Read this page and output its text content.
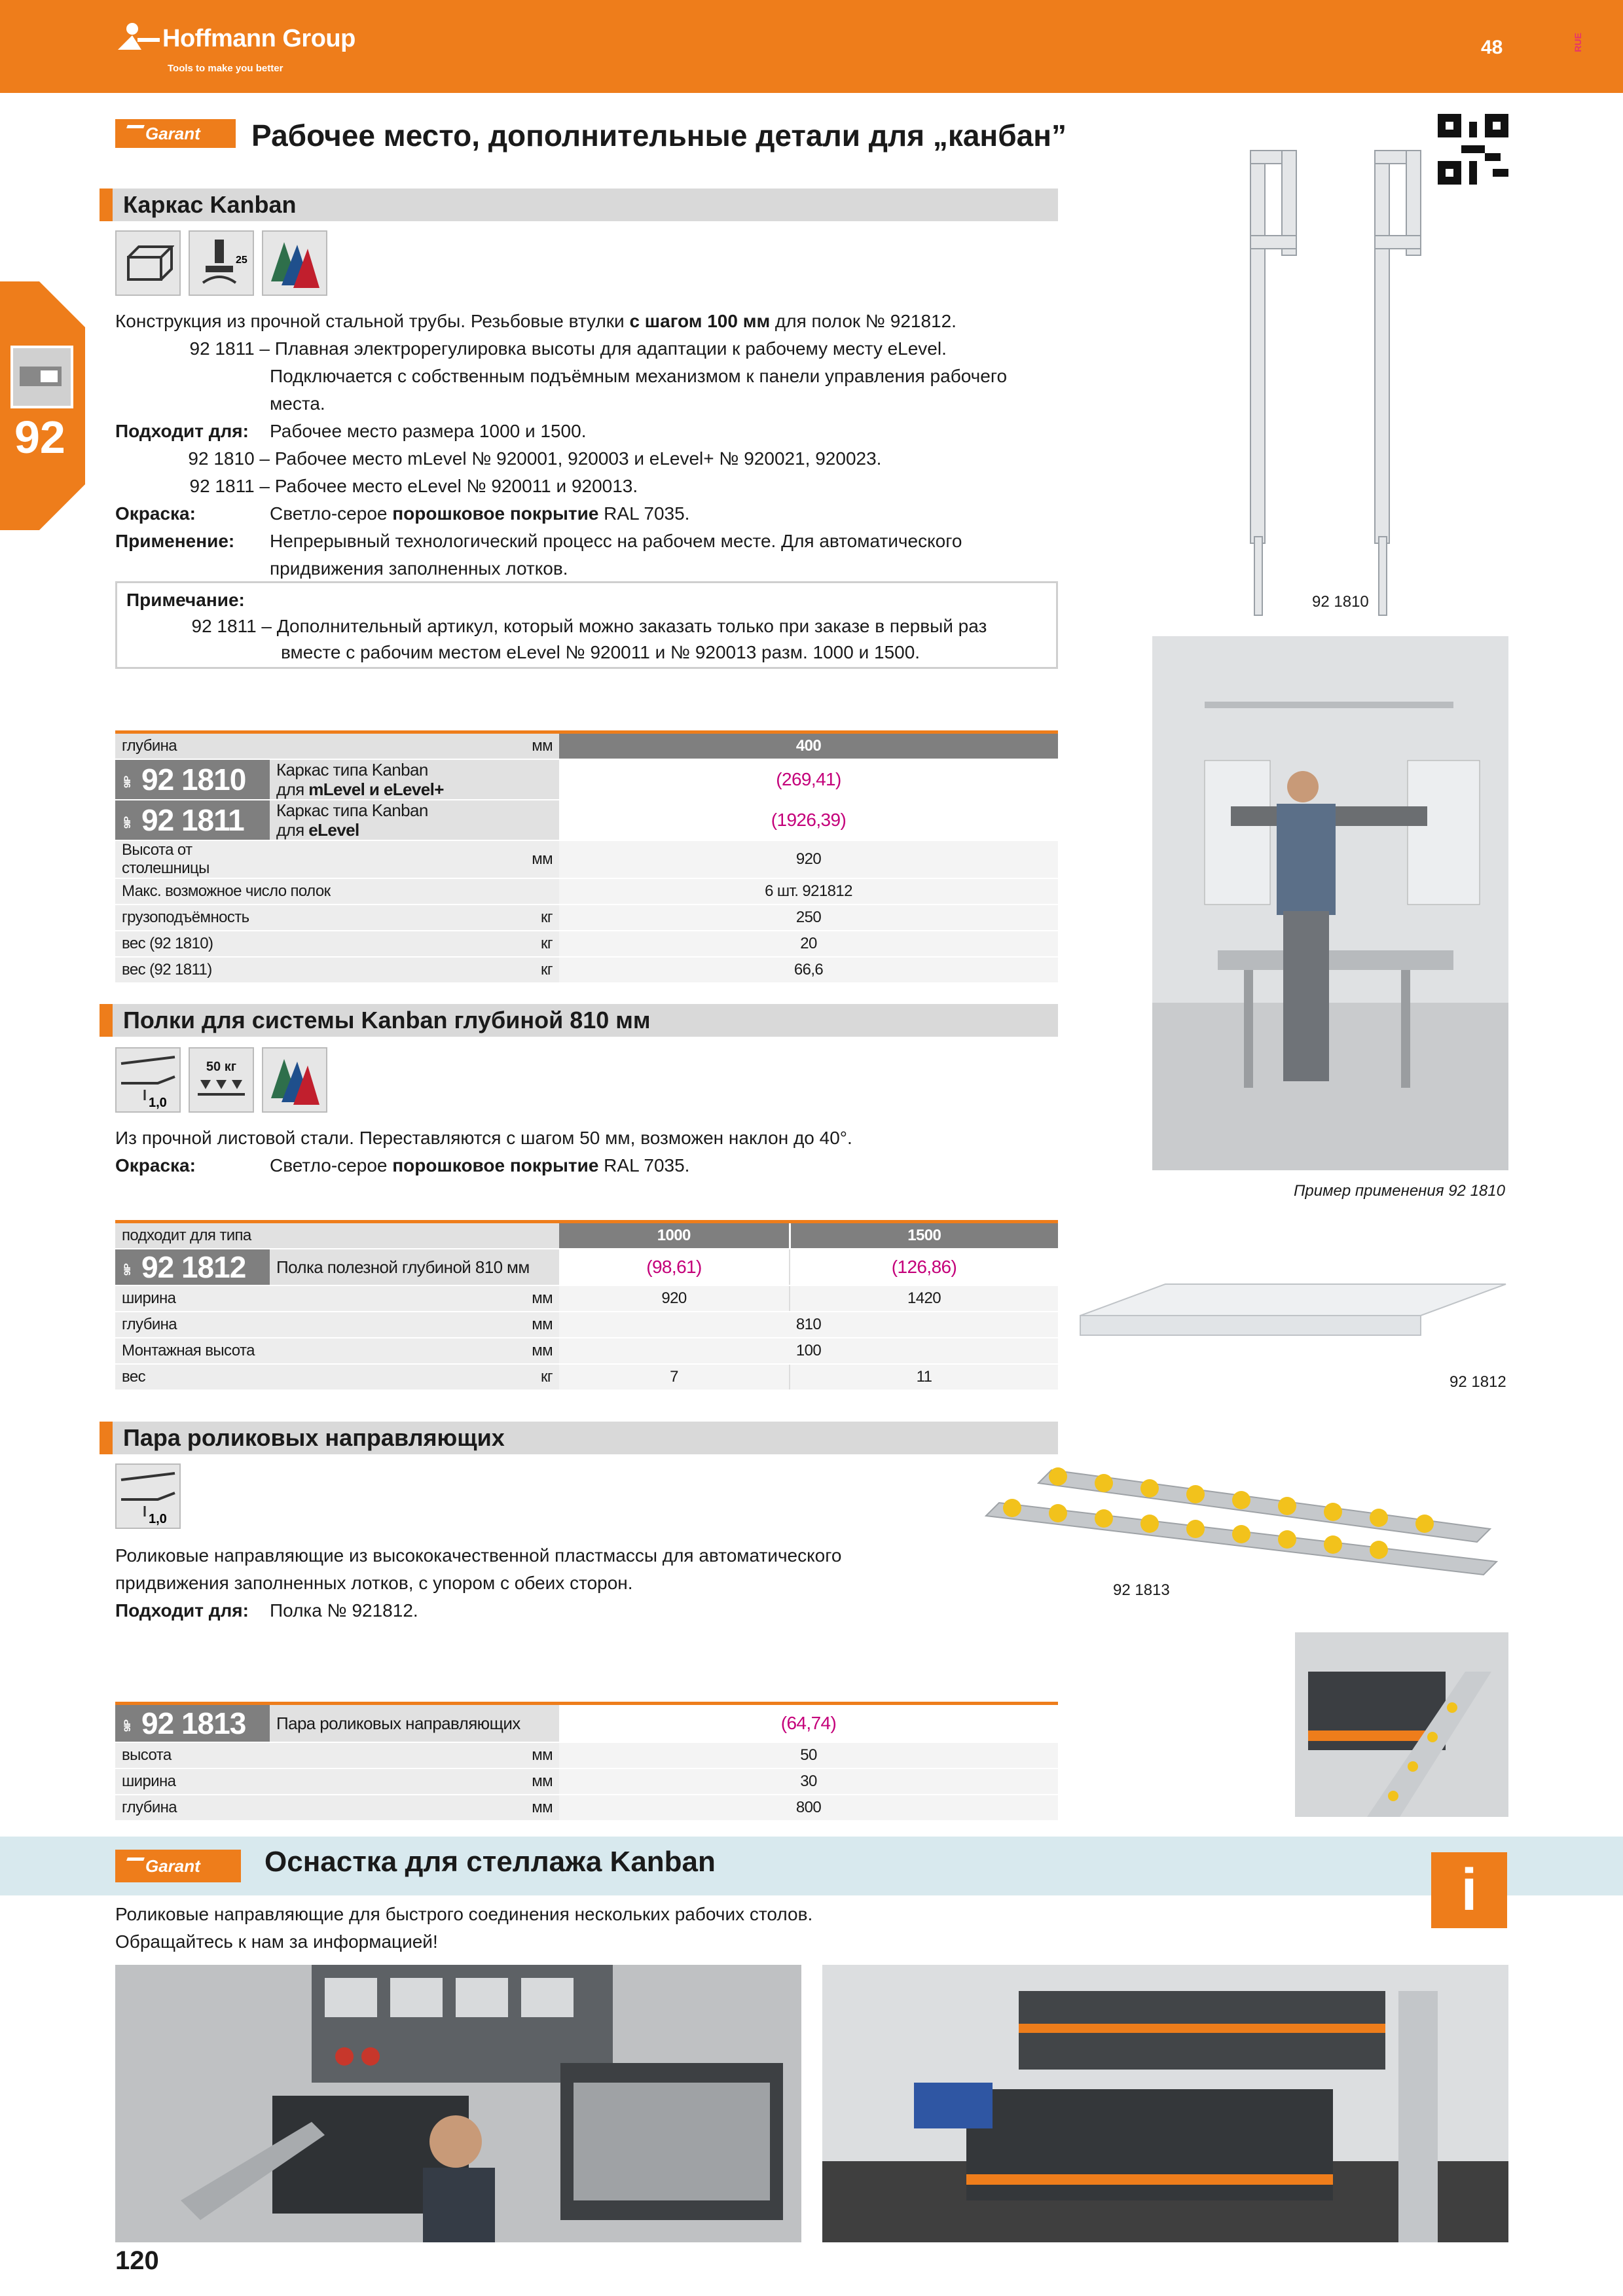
Hoffmann Group
Tools to make you better
48	RUE
92
Garant	Рабочее место, дополнительные детали для „канбан”
Каркас Kanban
25
Конструкция из прочной стальной трубы. Резьбовые втулки с шагом 100 мм для полок № 921812.
92 1811 – Плавная электрорегулировка высоты для адаптации к рабочему месту eLevel.
Подключается с собственным подъёмным механизмом к панели управления рабочего
места.
Подходит для: Рабочее место размера 1000 и 1500.
92 1810 – Рабочее место mLevel № 920001, 920003 и eLevel+ № 920021, 920023.
92 1811 – Рабочее место eLevel № 920011 и 920013.
Окраска:	Светло-серое порошковое покрытие RAL 7035.
Применение: Непрерывный технологический процесс на рабочем месте. Для автоматического
придвижения заполненных лотков.
Примечание:
92 1811 – Дополнительный артикул, который можно заказать только при заказе в первый раз
вместе с рабочим местом eLevel № 920011 и № 920013 разм. 1000 и 1500.
глубина мм		400
9IP 92 1810	Каркас типа Kanban
для mLevel и eLevel+	(269,41)
9IP 92 1811	Каркас типа Kanban
для eLevel	(1926,39)
Высота от столешницы	мм	920
Макс. возможное число полок		6 шт. 921812
грузоподъёмность	кг	250
вес (92 1810)	кг	20
вес (92 1811)	кг	66,6
Полки для системы Kanban глубиной 810 мм
1,0
50 кг
Из прочной листовой стали. Переставляются с шагом 50 мм, возможен наклон до 40°.
Окраска:	Светло-серое порошковое покрытие RAL 7035.
подходит для типа		1000	1500
9IP 92 1812	Полка полезной глубиной 810 мм	(98,61)	(126,86)
ширина	мм	920	1420
глубина	мм	810	
Монтажная высота	мм	100	
вес	кг	7	11
Пара роликовых направляющих
1,0
Роликовые направляющие из высококачественной пластмассы для автоматического
придвижения заполненных лотков, с упором с обеих сторон.
Подходит для: Полка № 921812.
9IP 92 1813	Пара роликовых направляющих	(64,74)
высота	мм	50
ширина	мм	30
глубина	мм	800
92 1810
Пример применения 92 1810
92 1812
92 1813
Garant	Оснастка для стеллажа Kanban	i
Роликовые направляющие для быстрого соединения нескольких рабочих столов.
Обращайтесь к нам за информацией!
120
